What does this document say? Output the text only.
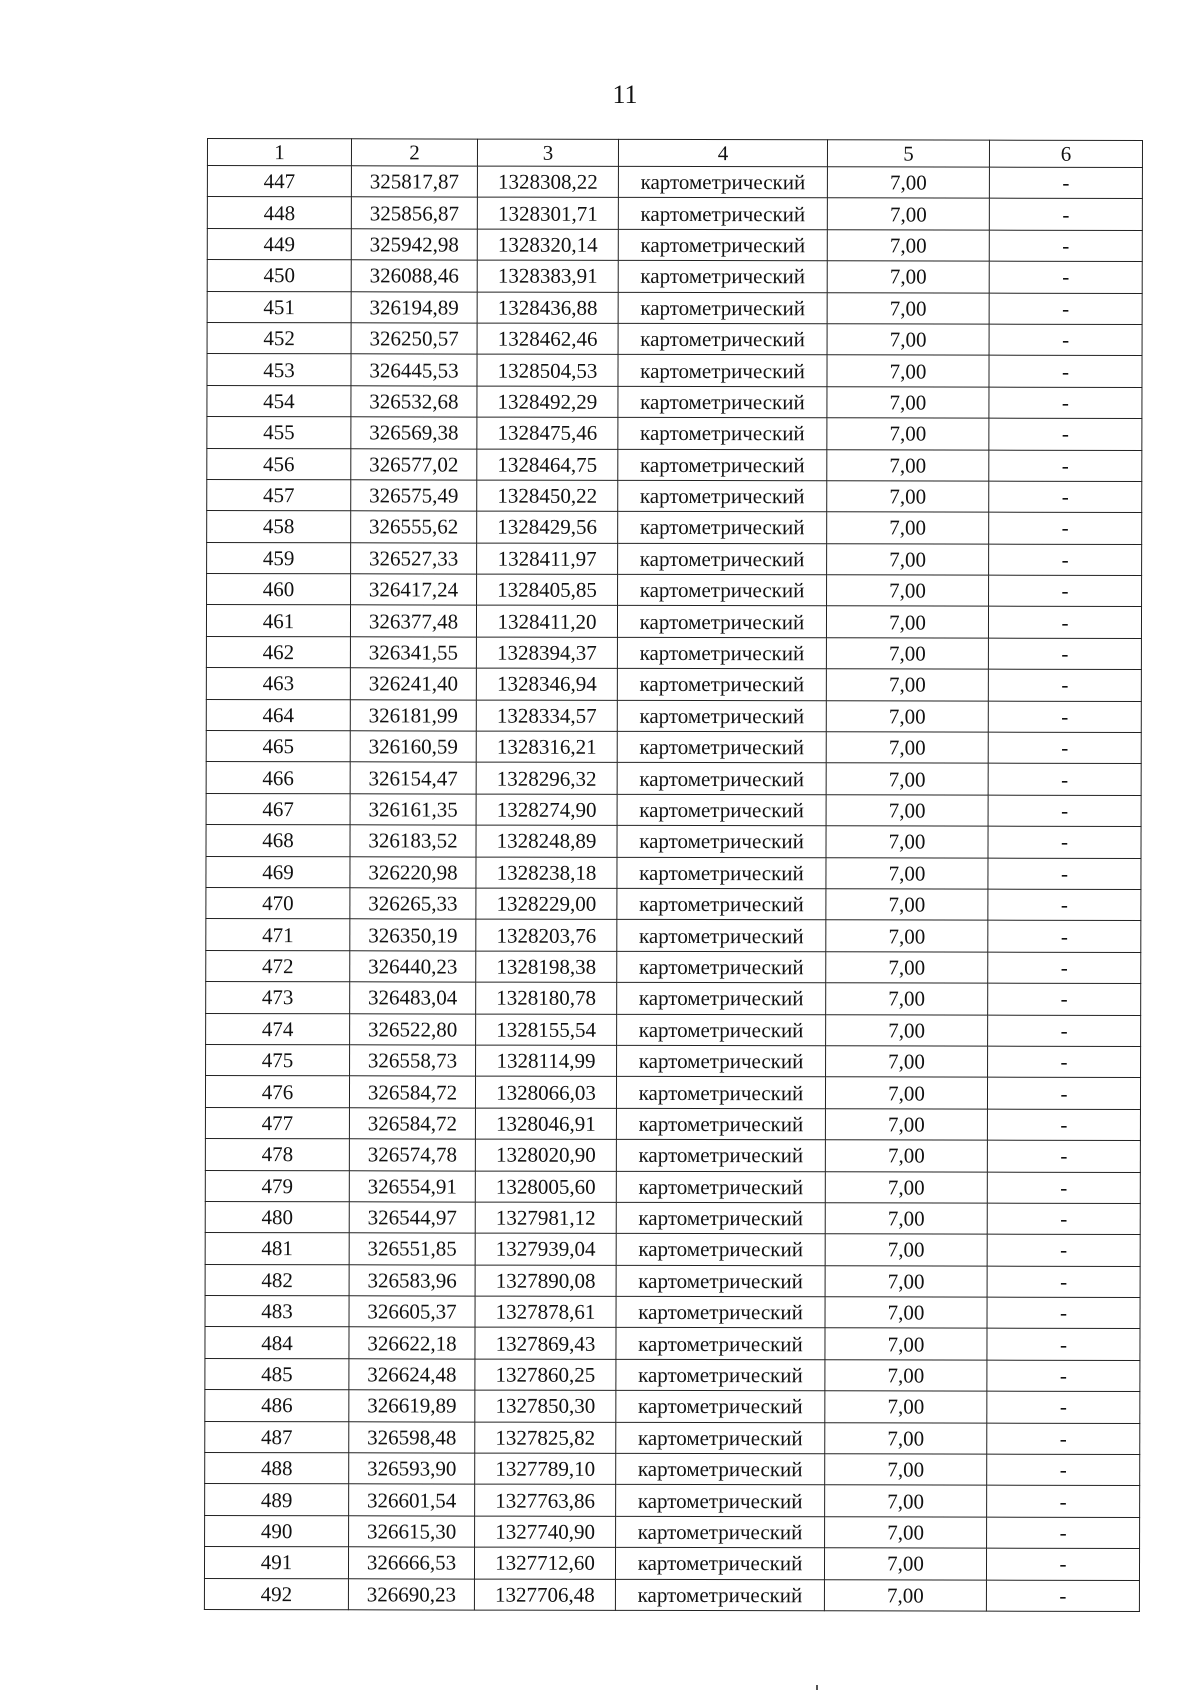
11
1	2	3	4	5	6
447	325817,87	1328308,22	картометрический	7,00	-
448	325856,87	1328301,71	картометрический	7,00	-
449	325942,98	1328320,14	картометрический	7,00	-
450	326088,46	1328383,91	картометрический	7,00	-
451	326194,89	1328436,88	картометрический	7,00	-
452	326250,57	1328462,46	картометрический	7,00	-
453	326445,53	1328504,53	картометрический	7,00	-
454	326532,68	1328492,29	картометрический	7,00	-
455	326569,38	1328475,46	картометрический	7,00	-
456	326577,02	1328464,75	картометрический	7,00	-
457	326575,49	1328450,22	картометрический	7,00	-
458	326555,62	1328429,56	картометрический	7,00	-
459	326527,33	1328411,97	картометрический	7,00	-
460	326417,24	1328405,85	картометрический	7,00	-
461	326377,48	1328411,20	картометрический	7,00	-
462	326341,55	1328394,37	картометрический	7,00	-
463	326241,40	1328346,94	картометрический	7,00	-
464	326181,99	1328334,57	картометрический	7,00	-
465	326160,59	1328316,21	картометрический	7,00	-
466	326154,47	1328296,32	картометрический	7,00	-
467	326161,35	1328274,90	картометрический	7,00	-
468	326183,52	1328248,89	картометрический	7,00	-
469	326220,98	1328238,18	картометрический	7,00	-
470	326265,33	1328229,00	картометрический	7,00	-
471	326350,19	1328203,76	картометрический	7,00	-
472	326440,23	1328198,38	картометрический	7,00	-
473	326483,04	1328180,78	картометрический	7,00	-
474	326522,80	1328155,54	картометрический	7,00	-
475	326558,73	1328114,99	картометрический	7,00	-
476	326584,72	1328066,03	картометрический	7,00	-
477	326584,72	1328046,91	картометрический	7,00	-
478	326574,78	1328020,90	картометрический	7,00	-
479	326554,91	1328005,60	картометрический	7,00	-
480	326544,97	1327981,12	картометрический	7,00	-
481	326551,85	1327939,04	картометрический	7,00	-
482	326583,96	1327890,08	картометрический	7,00	-
483	326605,37	1327878,61	картометрический	7,00	-
484	326622,18	1327869,43	картометрический	7,00	-
485	326624,48	1327860,25	картометрический	7,00	-
486	326619,89	1327850,30	картометрический	7,00	-
487	326598,48	1327825,82	картометрический	7,00	-
488	326593,90	1327789,10	картометрический	7,00	-
489	326601,54	1327763,86	картометрический	7,00	-
490	326615,30	1327740,90	картометрический	7,00	-
491	326666,53	1327712,60	картометрический	7,00	-
492	326690,23	1327706,48	картометрический	7,00	-
